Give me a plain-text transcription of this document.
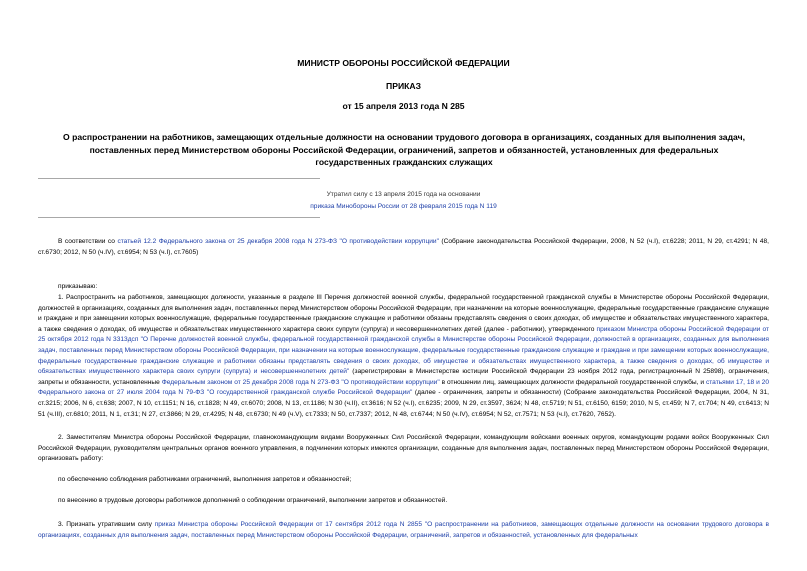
МИНИСТР ОБОРОНЫ РОССИЙСКОЙ ФЕДЕРАЦИИ
ПРИКАЗ
от 15 апреля 2013 года N 285
О распространении на работников, замещающих отдельные должности на основании трудового договора в организациях, созданных для выполнения задач, поставленных перед Министерством обороны Российской Федерации, ограничений, запретов и обязанностей, установленных для федеральных государственных гражданских служащих
Утратил силу с 13 апреля 2015 года на основании
приказа Минобороны России от 28 февраля 2015 года N 119
В соответствии со статьей 12.2 Федерального закона от 25 декабря 2008 года N 273-ФЗ "О противодействии коррупции" (Собрание законодательства Российской Федерации, 2008, N 52 (ч.I), ст.6228; 2011, N 29, ст.4291; N 48, ст.6730; 2012, N 50 (ч.IV), ст.6954; N 53 (ч.I), ст.7605)
приказываю:
1. Распространить на работников, замещающих должности, указанные в разделе III Перечня должностей военной службы, федеральной государственной гражданской службы в Министерстве обороны Российской Федерации, должностей в организациях, созданных для выполнения задач, поставленных перед Министерством обороны Российской Федерации, при назначении на которые военнослужащие, федеральные государственные гражданские служащие и граждане и при замещении которых военнослужащие, федеральные государственные гражданские служащие и работники обязаны представлять сведения о своих доходах, об имуществе и обязательствах имущественного характера, а также сведения о доходах, об имуществе и обязательствах имущественного характера своих супруги (супруга) и несовершеннолетних детей (далее - работники), утвержденного приказом Министра обороны Российской Федерации от 25 октября 2012 года N 3313дсп "О Перечне должностей военной службы, федеральной государственной гражданской службы в Министерстве обороны Российской Федерации, должностей в организациях, созданных для выполнения задач, поставленных перед Министерством обороны Российской Федерации, при назначении на которые военнослужащие, федеральные государственные гражданские служащие и граждане и при замещении которых военнослужащие, федеральные государственные гражданские служащие и работники обязаны представлять сведения о своих доходах, об имуществе и обязательствах имущественного характера, а также сведения о доходах, об имуществе и обязательствах имущественного характера своих супруги (супруга) и несовершеннолетних детей" (зарегистрирован в Министерстве юстиции Российской Федерации 23 ноября 2012 года, регистрационный N 25898), ограничения, запреты и обязанности, установленные Федеральным законом от 25 декабря 2008 года N 273-ФЗ "О противодействии коррупции" в отношении лиц, замещающих должности федеральной государственной службы, и статьями 17, 18 и 20 Федерального закона от 27 июля 2004 года N 79-ФЗ "О государственной гражданской службе Российской Федерации" (далее - ограничения, запреты и обязанности) (Собрание законодательства Российской Федерации, 2004, N 31, ст.3215; 2006, N 6, ст.638; 2007, N 10, ст.1151; N 16, ст.1828; N 49, ст.6070; 2008, N 13, ст.1186; N 30 (ч.II), ст.3616; N 52 (ч.I), ст.6235; 2009, N 29, ст.3597, 3624; N 48, ст.5719; N 51, ст.6150, 6159; 2010, N 5, ст.459; N 7, ст.704; N 49, ст.6413; N 51 (ч.III), ст.6810; 2011, N 1, ст.31; N 27, ст.3866; N 29, ст.4295; N 48, ст.6730; N 49 (ч.V), ст.7333; N 50, ст.7337; 2012, N 48, ст.6744; N 50 (ч.IV), ст.6954; N 52, ст.7571; N 53 (ч.I), ст.7620, 7652).
2. Заместителям Министра обороны Российской Федерации, главнокомандующим видами Вооруженных Сил Российской Федерации, командующим войсками военных округов, командующим родами войск Вооруженных Сил Российской Федерации, руководителям центральных органов военного управления, в подчинении которых имеются организации, созданные для выполнения задач, поставленных перед Министерством обороны Российской Федерации, организовать работу:
по обеспечению соблюдения работниками ограничений, выполнения запретов и обязанностей;
по внесению в трудовые договоры работников дополнений о соблюдении ограничений, выполнении запретов и обязанностей.
3. Признать утратившим силу приказ Министра обороны Российской Федерации от 17 сентября 2012 года N 2855 "О распространении на работников, замещающих отдельные должности на основании трудового договора в организациях, созданных для выполнения задач, поставленных перед Министерством обороны Российской Федерации, ограничений, запретов и обязанностей, установленных для федеральных
